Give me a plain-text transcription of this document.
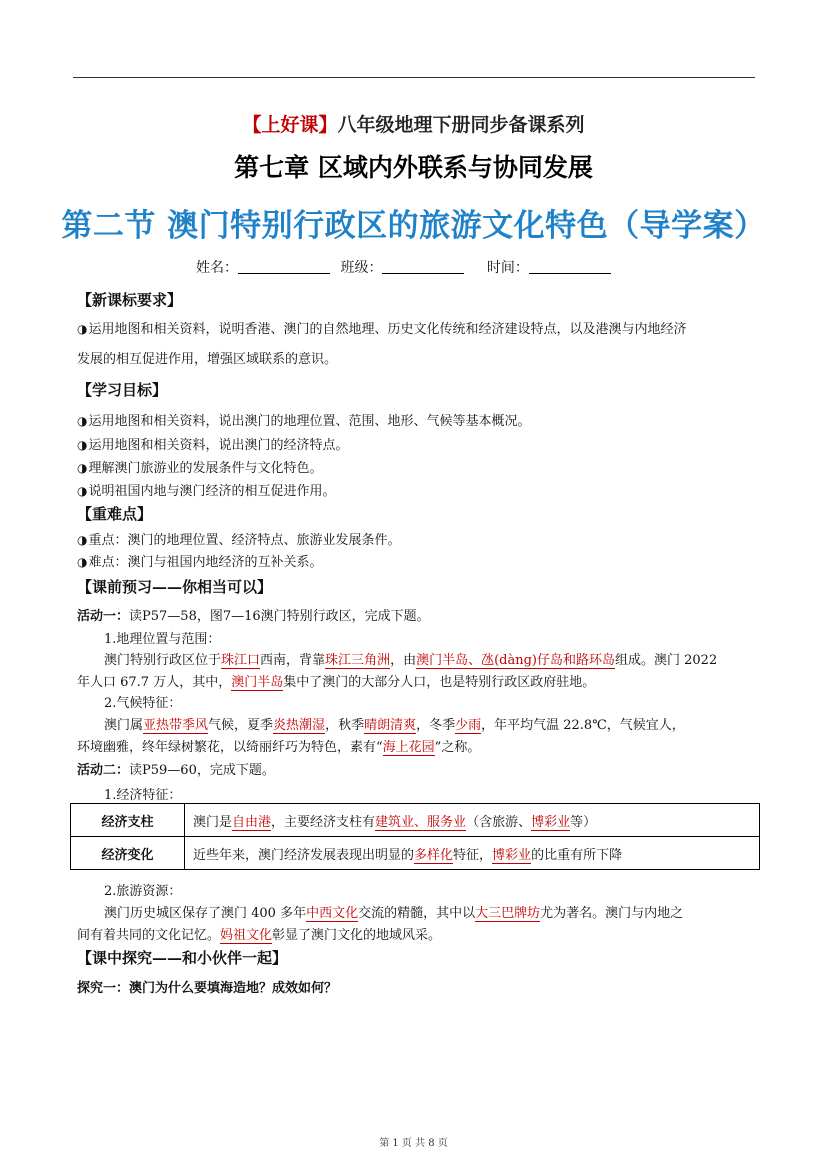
【上好课】八年级地理下册同步备课系列
第七章 区域内外联系与协同发展
第二节 澳门特别行政区的旅游文化特色（导学案）
姓名：	班级：	时间：
【新课标要求】
◑ 运用地图和相关资料，说明香港、澳门的自然地理、历史文化传统和经济建设特点，以及港澳与内地经济
发展的相互促进作用，增强区域联系的意识。
【学习目标】
◑ 运用地图和相关资料，说出澳门的地理位置、范围、地形、气候等基本概况。
◑ 运用地图和相关资料，说出澳门的经济特点。
◑ 理解澳门旅游业的发展条件与文化特色。
◑ 说明祖国内地与澳门经济的相互促进作用。
【重难点】
◑ 重点：澳门的地理位置、经济特点、旅游业发展条件。
◑ 难点：澳门与祖国内地经济的互补关系。
【课前预习——你相当可以】
活动一：读P57—58，图7—16澳门特别行政区，完成下题。
1.地理位置与范围：
澳门特别行政区位于珠江口西南，背靠珠江三角洲，由澳门半岛、氹(dàng)仔岛和路环岛组成。澳门 2022
年人口 67.7 万人，其中，澳门半岛集中了澳门的大部分人口，也是特别行政区政府驻地。
2.气候特征：
澳门属亚热带季风气候，夏季炎热潮湿，秋季晴朗清爽，冬季少雨，年平均气温 22.8℃，气候宜人，
环境幽雅，终年绿树繁花，以绮丽纤巧为特色，素有“海上花园”之称。
活动二：读P59—60，完成下题。
1.经济特征：
经济支柱	澳门是自由港，主要经济支柱有建筑业、服务业（含旅游、博彩业等）
经济变化	近些年来，澳门经济发展表现出明显的多样化特征，博彩业的比重有所下降
2.旅游资源：
澳门历史城区保存了澳门 400 多年中西文化交流的精髓，其中以大三巴牌坊尤为著名。澳门与内地之
间有着共同的文化记忆。妈祖文化彰显了澳门文化的地域风采。
【课中探究——和小伙伴一起】
探究一：澳门为什么要填海造地？成效如何？
第 1 页 共 8 页
